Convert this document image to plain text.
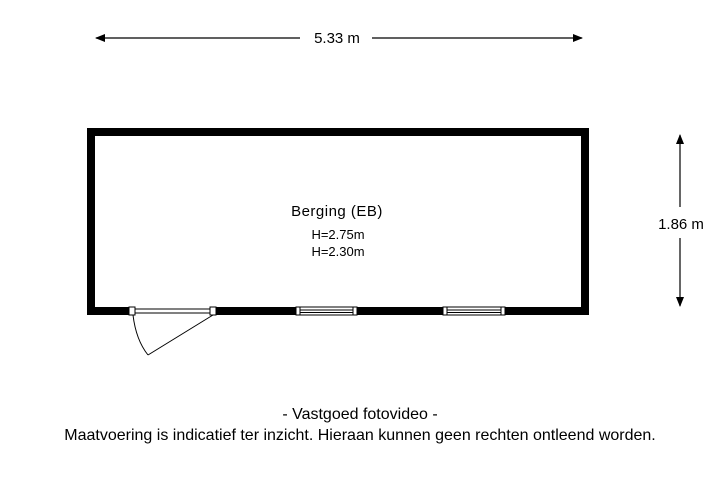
5.33 m
1.86 m
Berging (EB)
H=2.75m
H=2.30m
- Vastgoed fotovideo -
Maatvoering is indicatief ter inzicht. Hieraan kunnen geen rechten ontleend worden.
